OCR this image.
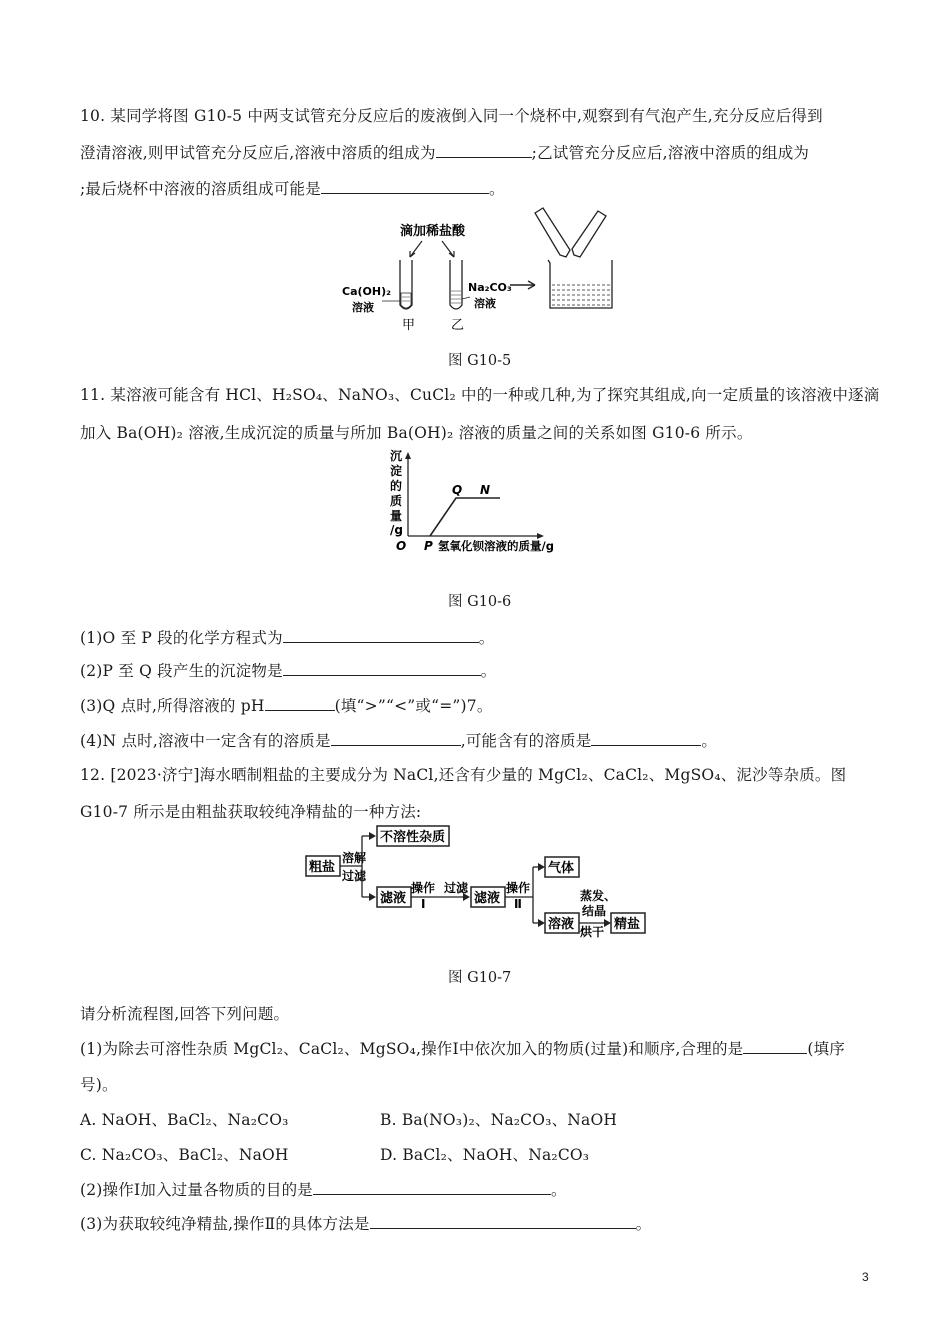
10. 某同学将图 G10-5 中两支试管充分反应后的废液倒入同一个烧杯中,观察到有气泡产生,充分反应后得到
澄清溶液,则甲试管充分反应后,溶液中溶质的组成为	;乙试管充分反应后,溶液中溶质的组成为
;最后烧杯中溶液的溶质组成可能是	。
滴加稀盐酸
Ca(OH)₂
溶液
Na₂CO₃
溶液
甲	乙
图 G10-5
11. 某溶液可能含有 HCl、H₂SO₄、NaNO₃、CuCl₂ 中的一种或几种,为了探究其组成,向一定质量的该溶液中逐滴
加入 Ba(OH)₂ 溶液,生成沉淀的质量与所加 Ba(OH)₂ 溶液的质量之间的关系如图 G10-6 所示。
沉
淀
的
质
量
/g
O P
Q N
氢氧化钡溶液的质量/g
图 G10-6
(1)O 至 P 段的化学方程式为	。
(2)P 至 Q 段产生的沉淀物是	。
(3)Q 点时,所得溶液的 pH	(填“>”“<”或“=”)7。
(4)N 点时,溶液中一定含有的溶质是	,可能含有的溶质是	。
12. [2023·济宁]海水晒制粗盐的主要成分为 NaCl,还含有少量的 MgCl₂、CaCl₂、MgSO₄、泥沙等杂质。图
G10-7 所示是由粗盐获取较纯净精盐的一种方法:
粗盐
溶解
过滤
不溶性杂质
滤液
操作
Ⅰ
过滤
滤液
操作
Ⅱ
气体
溶液
蒸发、
结晶
烘干 精盐
图 G10-7
请分析流程图,回答下列问题。
(1)为除去可溶性杂质 MgCl₂、CaCl₂、MgSO₄,操作Ⅰ中依次加入的物质(过量)和顺序,合理的是	(填序
号)。
A. NaOH、BaCl₂、Na₂CO₃	B. Ba(NO₃)₂、Na₂CO₃、NaOH
C. Na₂CO₃、BaCl₂、NaOH	D. BaCl₂、NaOH、Na₂CO₃
(2)操作Ⅰ加入过量各物质的目的是	。
(3)为获取较纯净精盐,操作Ⅱ的具体方法是	。
3
